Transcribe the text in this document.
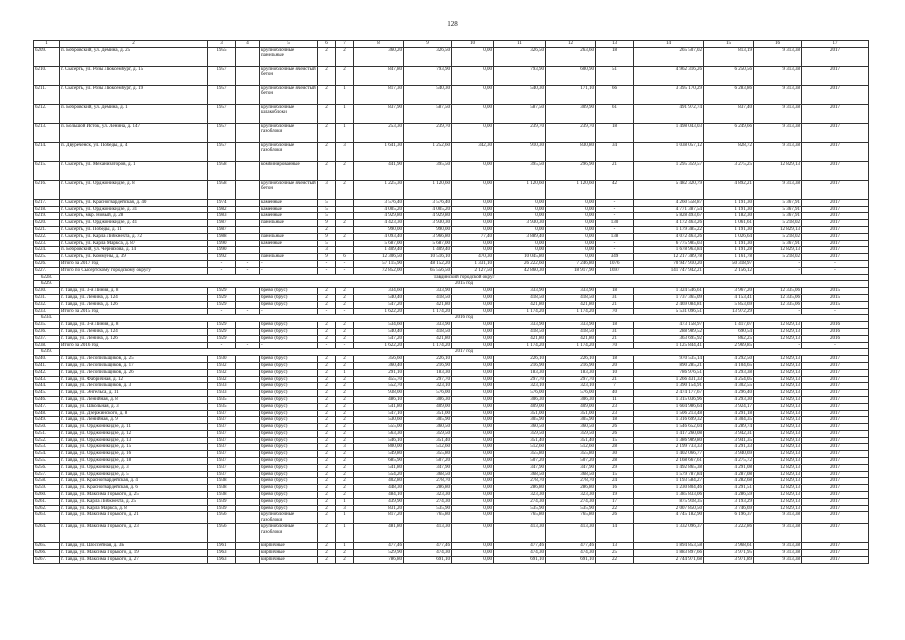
128
1	2	3	4	5	6	7	8	9	10	11	12	13	14	15	16	17
6209.	п. Бобровский, ул. Демина, д. 25	1955		крупноблочные панельные	2	2	360,20	326,50	0,00	326,50	263,60	18	265 507,02	813,19	9 313,38	2017
6210.	г. Сысерть, ул. Розы Люксембург, д. 15	1957		крупноблочные ячеистый бетон	2	2	847,80	793,90	0,00	793,90	600,90	51	4 962 316,26	6 250,56	9 313,38	2017
6211.	г. Сысерть, ул. Розы Люксембург, д. 19	1957		крупноблочные ячеистый бетон	2	1	817,30	540,30	0,00	540,30	171,10	66	3 395 170,29	6 283,86	9 313,38	2017
6212.	п. Бобровский, ул. Демина, д. 1	1957		крупноблочные шлакоблоки	2	1	837,90	587,50	0,00	587,50	309,90	61	491 972,74	837,40	9 313,38	2017
6213.	п. Большой Исток, ул. Ленина, д. 147	1957		крупноблочные газоблоки	2	1	253,30	239,70	0,00	239,70	239,70	18	1 498 043,03	6 249,66	9 313,38	2017
6214.	п. Двуреченск, ул. Победы, д. 4	1957		крупноблочные газоблоки	2	3	1 641,30	1 252,60	342,30	910,30	830,80	34	1 038 057,12	828,72	9 313,38	2017
6215.	г. Сысерть, ул. Механизаторов, д. 1	1958		комбинированные	2	2	441,90	395,50	0,00	395,50	296,90	21	1 295 359,57	3 275,25	12 829,13	2017
6216.	г. Сысерть, ул. Орджоникидзе, д. 8	1958		крупноблочные ячеистый бетон	3	2	1 225,30	1 120,60	0,00	1 120,60	1 120,60	42	5 482 320,79	4 892,21	9 313,38	2017
6217.	г. Сысерть, ул. Красногвардейская, д. 40	1974		каменные	5		3 576,40	3 576,40	0,00	0,00	0,00	-	4 260 558,87	1 191,30	5 367,91	2017
6218.	г. Сысерть, ул. Орджоникидзе, д. 31	1982		каменные	5		4 005,20	4 005,20	0,00	0,00	0,00	-	4 771 387,54	1 191,30	5 367,91	2017
6219.	г. Сысерть, мкр. Новый, д. 28	1983		каменные	5		4 929,80	4 929,80	0,00	0,00	0,00	-	5 828 493,67	1 182,30	5 367,91	2017
6220.	г. Сысерть, ул. Орджоникидзе, д. 41	1987		панельные	9	2	4 423,30	3 930,30	0,00	3 930,30	0,00	130	4 172 463,26	1 061,61	5 218,02	2017
6221.	г. Сысерть, ул. Победы, д. 11	1987			2		990,00	990,00	0,00	0,00	0,00	-	1 179 385,22	1 191,30	12 829,13	2017
6222.	г. Сысерть, ул. Карла Либкнехта, д. 72	1988		панельные	9	2	4 093,40	3 966,80	77,40	3 889,40	0,00	138	4 072 463,26	1 026,64	5 218,02	2017
6223.	г. Сысерть, ул. Карла Маркса, д. 87	1990		каменные	5		5 687,00	5 687,00	0,00	0,00	0,00	-	6 775 985,03	1 191,30	5 367,91	2017
6224.	п. Бобровский, ул. Черняхова, д. 14	1990			3		1 409,40	1 409,40	0,00	0,00	0,00	-	1 678 963,84	1 191,28	12 829,13	2017
6225.	г. Сысерть, ул. Коммуны, д. 39	1992		панельные	9	6	12 306,50	10 516,10	470,30	10 045,80	0,00	349	12 217 389,78	1 161,78	5 218,02	2017
6226.	Итого за 2017 год	-	-	-	-	-	57 115,90	48 152,20	1 331,10	26 222,60	7 246,80	1076	70 947 910,20	50 318,97	-	-
6227.	Итого по Сысертскому городскому округу	-	-	-	-	-	72 852,00	65 556,50	2 127,50	42 860,30	18 917,90	1697	141 747 942,21	2 156,12	-	-
6228.	Тавдинский городской округ															
6229.	2015 год															
6230.	г. Тавда, ул. 3-я Линия, д. 8	1929		брево (брус)	2	2	334,60	333,90	0,00	333,90	333,90	18	1 324 546,61	3 967,20	12 335,06	2015
6231.	г. Тавда, ул. Ленина, д. 124	1929		брево (брус)	2	2	540,40	418,50	0,00	418,50	418,50	31	1 737 365,09	4 153,41	12 335,06	2015
6232.	г. Тавда, ул. Ленина, д. 126	1929		брево (брус)	2	2	547,20	421,80	0,00	421,80	421,80	21	2 469 084,81	5 853,69	12 335,06	2015
6233.	Итого за 2015 год	-	-	-	-	-	1 622,20	1 174,20	0,00	1 174,20	1 174,20	70	5 531 096,51	13 972,29	-	-
6234.	2016 год															
6235.	г. Тавда, ул. 3-я Линия, д. 8	1929		брево (брус)	2	2	534,60	333,90	0,00	333,90	333,90	18	473 158,97	1 417,07	12 829,13	2016
6236.	г. Тавда, ул. Ленина, д. 124	1929		брево (брус)	2	2	540,40	418,50	0,00	418,50	418,50	31	288 989,52	690,54	12 829,13	2016
6237.	г. Тавда, ул. Ленина, д. 126	1929		брево (брус)	2	2	547,20	421,80	0,00	421,80	421,80	21	363 695,92	862,25	12 829,13	2016
6238.	Итого за 2016 год	-	-	-	-	-	1 622,20	1 174,20	0,00	1 174,20	1 174,20	70	1 125 844,41	2 969,85	-	-
6239.	2017 год															
6240.	г. Тавда, ул. Лесопильщиков, д. 25	1930		брево (брус)	2	2	356,60	226,10	0,00	226,10	226,10	18	970 535,14	4 292,50	12 829,13	2017
6241.	г. Тавда, ул. Лесопильщиков, д. 17	1932		брево (брус)	2	2	360,40	216,90	0,00	216,90	216,90	20	890 285,21	4 104,65	12 829,13	2017
6242.	г. Тавда, ул. Лесопильщиков, д. 26	1932		брево (брус)	2	1	291,10	183,30	0,00	183,30	183,30	10	786 976,51	4 293,38	12 829,13	2017
6243.	г. Тавда, ул. Фабричная, д. 12	1932		брево (брус)	2	2	455,70	297,70	0,00	297,70	297,70	21	1 266 431,33	4 254,05	12 829,13	2017
6244.	г. Тавда, ул. Лесопильщиков, д. 3	1933		брево (брус)	2	2	552,70	323,10	0,00	323,10	323,10	7	1 390 154,91	4 302,55	12 829,13	2017
6245.	г. Тавда, ул. Энгельса, д. 11	1933		брево (брус)	2	2	938,00	576,00	0,00	576,00	576,00	40	2 474 177,67	4 296,40	12 829,13	2017
6246.	г. Тавда, ул. Ленийная, д. 8	1935		брево (брус)	2	2	486,10	306,30	0,00	306,30	306,30	11	1 315 036,96	4 293,30	12 829,13	2017
6247.	г. Тавда, ул. Школьная, д. 3	1935		брево (брус)	2	2	541,80	409,00	0,00	409,00	409,00	23	1 604 986,64	3 924,17	12 829,13	2017
6248.	г. Тавда, ул. Дзержинского, д. 8	1937		брево (брус)	2	2	547,10	351,00	0,00	351,00	351,00	23	1 506 213,48	4 291,18	12 829,13	2017
6249.	г. Тавда, ул. Ленийная, д. 9	1937		брево (брус)	2	2	530,60	305,90	0,00	305,90	305,90	18	1 316 699,32	4 304,35	12 829,13	2017
6250.	г. Тавда, ул. Орджоникидзе, д. 11	1937		брево (брус)	2	2	555,00	360,50	0,00	360,50	360,50	26	1 546 652,04	4 289,74	12 829,13	2017
6251.	г. Тавда, ул. Орджоникидзе, д. 12	1937		брево (брус)	2	2	563,30	359,50	0,00	359,50	359,50	26	1 417 260,08	3 942,31	12 829,13	2017
6252.	г. Тавда, ул. Орджоникидзе, д. 13	1937		брево (брус)	2	2	546,10	351,40	0,00	351,40	351,40	15	1 386 989,80	3 941,35	12 829,13	2017
6253.	г. Тавда, ул. Орджоникидзе, д. 15	1937		брево (брус)	2	3	800,00	512,60	0,00	512,60	512,60	28	2 199 733,33	4 291,33	12 829,13	2017
6254.	г. Тавда, ул. Орджоникидзе, д. 16	1937		брево (брус)	2	2	549,80	355,80	0,00	355,80	355,80	30	1 402 066,77	3 940,69	12 829,13	2017
6255.	г. Тавда, ул. Орджоникидзе, д. 18	1937		брево (брус)	2	2	685,90	507,20	0,00	507,20	507,20	28	2 168 667,61	4 275,72	12 829,13	2017
6256.	г. Тавда, ул. Орджоникидзе, д. 3	1937		брево (брус)	2	2	541,80	347,90	0,00	347,90	347,90	29	1 492 865,38	4 291,08	12 829,13	2017
6257.	г. Тавда, ул. Орджоникидзе, д. 5	1937		брево (брус)	2	2	554,20	368,50	0,00	368,50	368,50	15	1 579 787,84	4 287,08	12 829,13	2017
6258.	г. Тавда, ул. Красногвардейская, д. 4	1938		брево (брус)	2	2	402,80	278,70	0,00	278,70	278,70	24	1 193 584,27	4 282,68	12 829,13	2017
6259.	г. Тавда, ул. Красногвардейская, д. 6	1938		брево (брус)	2	2	448,30	286,80	0,00	286,80	286,80	16	1 230 804,46	4 291,51	12 829,13	2017
6260.	г. Тавда, ул. Максима Горького, д. 25	1938		брево (брус)	2	2	484,10	323,30	0,00	323,30	323,30	19	1 385 833,06	4 286,59	12 829,13	2017
6261.	г. Тавда, ул. Карла Либкнехта, д. 25	1939		брево (брус)	2	1	439,90	274,30	0,00	274,30	274,30	17	875 918,35	3 193,29	12 829,13	2017
6262.	г. Тавда, ул. Карла Маркса, д. 8	1939		брево (брус)	2	3	831,20	535,90	0,00	535,90	535,90	22	2 007 850,50	3 746,69	12 829,13	2017
6263.	г. Тавда, ул. Максима Горького, д. 21	1956		крупноблочные газоблоки	2	1	817,20	765,80	0,00	765,80	765,80	26	4 745 182,90	6 196,37	9 313,38	2017
6264.	г. Тавда, ул. Максима Горького, д. 23	1956		крупноблочные газоблоки	2	1	481,80	413,30	0,00	413,30	413,30	14	1 332 096,37	3 222,86	9 313,38	2017
6265.	г. Тавда, ул. Шоссейная, д. 3Б	1961		кирпичные	2	1	477,46	477,46	0,00	477,46	477,46	13	1 894 853,58	3 968,61	9 313,38	2017
6266.	г. Тавда, ул. Максима Горького, д. 19	1963		кирпичные	2	2	529,90	474,30	0,00	474,30	474,30	25	1 883 897,66	3 971,95	9 313,38	2017
6267.	г. Тавда, ул. Максима Горького, д. 27	1963		кирпичные	2	2	786,80	691,10	0,00	691,10	691,10	22	2 744 971,68	3 971,89	9 313,38	2017
